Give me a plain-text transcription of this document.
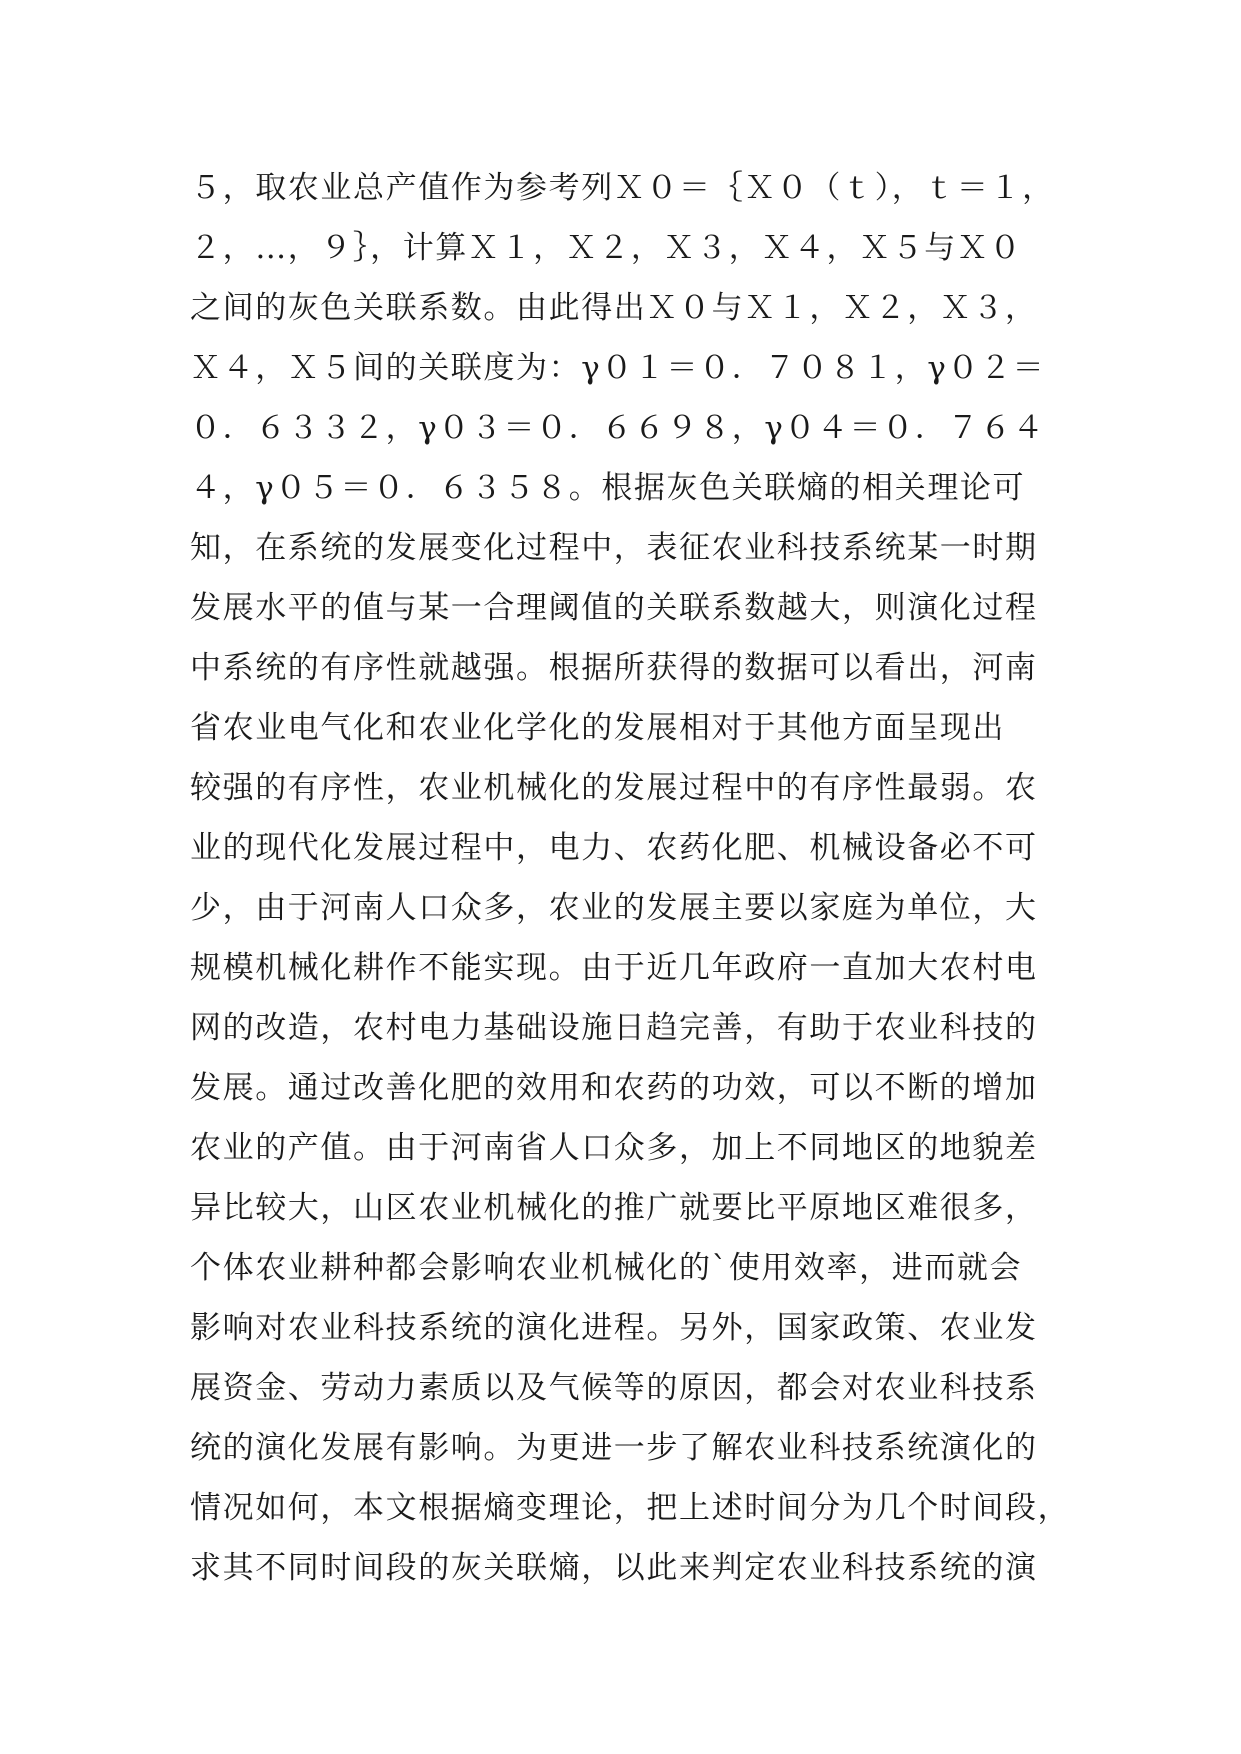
５，取农业总产值作为参考列Ｘ０＝｛Ｘ０（ｔ），ｔ＝１，
２，…，９｝，计算Ｘ１，Ｘ２，Ｘ３，Ｘ４，Ｘ５与Ｘ０
之间的灰色关联系数。由此得出Ｘ０与Ｘ１，Ｘ２，Ｘ３，
Ｘ４，Ｘ５间的关联度为：γ０１＝０．７０８１，γ０２＝
０．６３３２，γ０３＝０．６６９８，γ０４＝０．７６４
４，γ０５＝０．６３５８。根据灰色关联熵的相关理论可
知，在系统的发展变化过程中，表征农业科技系统某一时期
发展水平的值与某一合理阈值的关联系数越大，则演化过程
中系统的有序性就越强。根据所获得的数据可以看出，河南
省农业电气化和农业化学化的发展相对于其他方面呈现出
较强的有序性，农业机械化的发展过程中的有序性最弱。农
业的现代化发展过程中，电力、农药化肥、机械设备必不可
少，由于河南人口众多，农业的发展主要以家庭为单位，大
规模机械化耕作不能实现。由于近几年政府一直加大农村电
网的改造，农村电力基础设施日趋完善，有助于农业科技的
发展。通过改善化肥的效用和农药的功效，可以不断的增加
农业的产值。由于河南省人口众多，加上不同地区的地貌差
异比较大，山区农业机械化的推广就要比平原地区难很多，
个体农业耕种都会影响农业机械化的`使用效率，进而就会
影响对农业科技系统的演化进程。另外，国家政策、农业发
展资金、劳动力素质以及气候等的原因，都会对农业科技系
统的演化发展有影响。为更进一步了解农业科技系统演化的
情况如何，本文根据熵变理论，把上述时间分为几个时间段，
求其不同时间段的灰关联熵，以此来判定农业科技系统的演
